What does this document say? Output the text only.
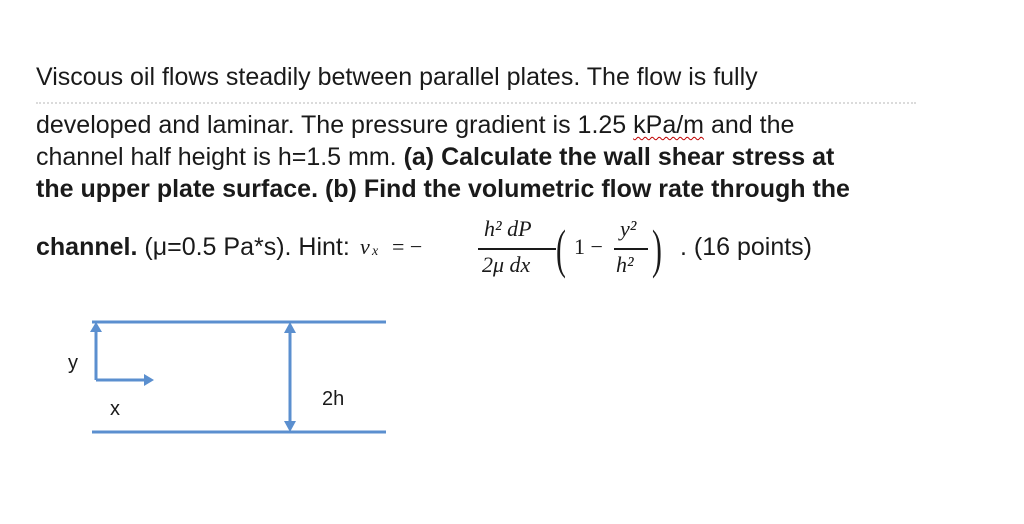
Viscous oil flows steadily between parallel plates. The flow is fully
developed and laminar. The pressure gradient is 1.25 kPa/m and the
channel half height is h=1.5 mm. (a) Calculate the wall shear stress at
the upper plate surface. (b) Find the volumetric flow rate through the
channel. (μ=0.5 Pa*s). Hint: v x = −
h² dP
2μ dx ( 1 −
y²
h² ) . (16 points)
y
x	2h
